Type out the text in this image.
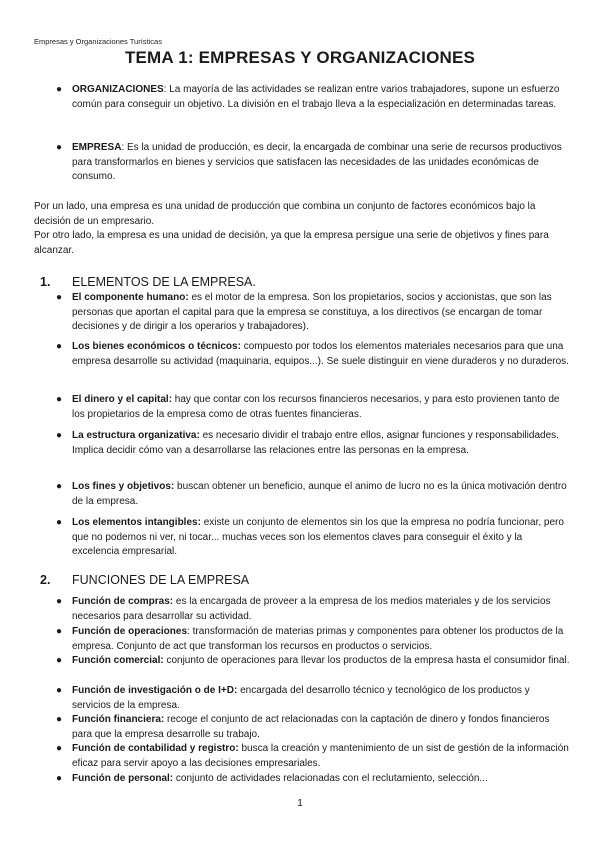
Empresas y Organizaciones Turísticas
TEMA 1: EMPRESAS Y ORGANIZACIONES
● ORGANIZACIONES: La mayoría de las actividades se realizan entre varios trabajadores, supone un esfuerzo común para conseguir un objetivo. La división en el trabajo lleva a la especialización en determinadas tareas.
● EMPRESA: Es la unidad de producción, es decir, la encargada de combinar una serie de recursos productivos para transformarlos en bienes y servicios que satisfacen las necesidades de las unidades económicas de consumo.
Por un lado, una empresa es una unidad de producción que combina un conjunto de factores económicos bajo la decisión de un empresario.
Por otro lado, la empresa es una unidad de decisión, ya que la empresa persigue una serie de objetivos y fines para alcanzar.
1. ELEMENTOS DE LA EMPRESA.
● El componente humano: es el motor de la empresa. Son los propietarios, socios y accionistas, que son las personas que aportan el capital para que la empresa se constituya, a los directivos (se encargan de tomar decisiones y de dirigir a los operarios y trabajadores).
● Los bienes económicos o técnicos: compuesto por todos los elementos materiales necesarios para que una empresa desarrolle su actividad (maquinaria, equipos...). Se suele distinguir en viene duraderos y no duraderos.
● El dinero y el capital: hay que contar con los recursos financieros necesarios, y para esto provienen tanto de los propietarios de la empresa como de otras fuentes financieras.
● La estructura organizativa: es necesario dividir el trabajo entre ellos, asignar funciones y responsabilidades. Implica decidir cómo van a desarrollarse las relaciones entre las personas en la empresa.
● Los fines y objetivos: buscan obtener un beneficio, aunque el animo de lucro no es la única motivación dentro de la empresa.
● Los elementos intangibles: existe un conjunto de elementos sin los que la empresa no podría funcionar, pero que no podemos ni ver, ni tocar... muchas veces son los elementos claves para conseguir el éxito y la excelencia empresarial.
2. FUNCIONES DE LA EMPRESA
● Función de compras: es la encargada de proveer a la empresa de los medios materiales y de los servicios necesarios para desarrollar su actividad.
● Función de operaciones: transformación de materias primas y componentes para obtener los productos de la empresa. Conjunto de act que transforman los recursos en productos o servicios.
● Función comercial: conjunto de operaciones para llevar los productos de la empresa hasta el consumidor final.
● Función de investigación o de I+D: encargada del desarrollo técnico y tecnológico de los productos y servicios de la empresa.
● Función financiera: recoge el conjunto de act relacionadas con la captación de dinero y fondos financieros para que la empresa desarrolle su trabajo.
● Función de contabilidad y registro: busca la creación y mantenimiento de un sist de gestión de la información eficaz para servir apoyo a las decisiones empresariales.
● Función de personal: conjunto de actividades relacionadas con el reclutamiento, selección...
1
